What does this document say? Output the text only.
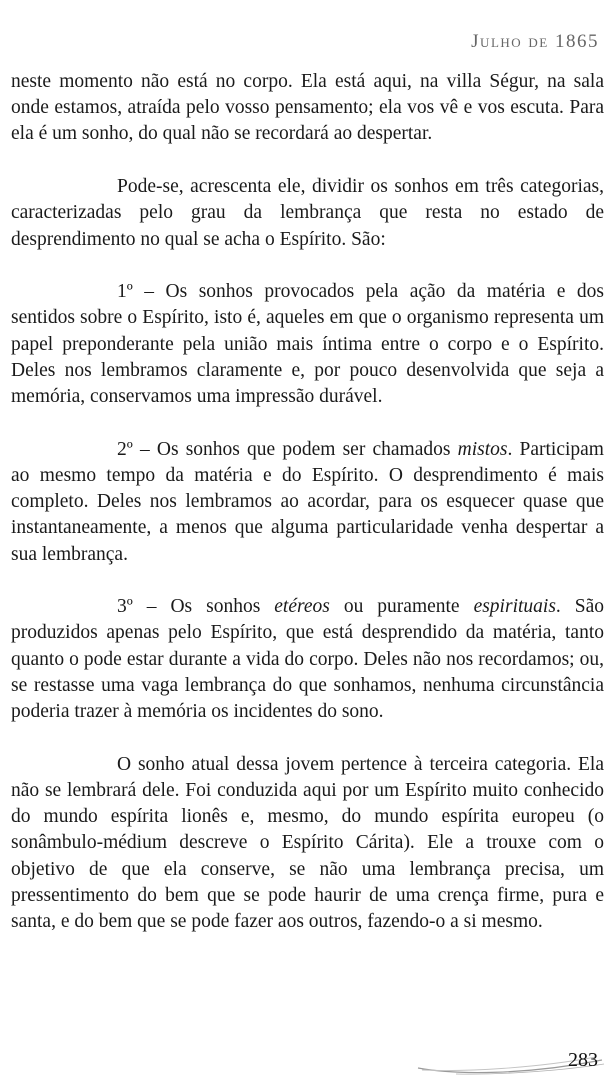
Julho de 1865

neste momento não está no corpo. Ela está aqui, na villa Ségur, na sala onde estamos, atraída pelo vosso pensamento; ela vos vê e vos escuta. Para ela é um sonho, do qual não se recordará ao despertar.

Pode-se, acrescenta ele, dividir os sonhos em três categorias, caracterizadas pelo grau da lembrança que resta no estado de desprendimento no qual se acha o Espírito. São:

1º – Os sonhos provocados pela ação da matéria e dos sentidos sobre o Espírito, isto é, aqueles em que o organismo representa um papel preponderante pela união mais íntima entre o corpo e o Espírito. Deles nos lembramos claramente e, por pouco desenvolvida que seja a memória, conservamos uma impressão durável.

2º – Os sonhos que podem ser chamados mistos. Participam ao mesmo tempo da matéria e do Espírito. O desprendimento é mais completo. Deles nos lembramos ao acordar, para os esquecer quase que instantaneamente, a menos que alguma particularidade venha despertar a sua lembrança.

3º – Os sonhos etéreos ou puramente espirituais. São produzidos apenas pelo Espírito, que está desprendido da matéria, tanto quanto o pode estar durante a vida do corpo. Deles não nos recordamos; ou, se restasse uma vaga lembrança do que sonhamos, nenhuma circunstância poderia trazer à memória os incidentes do sono.

O sonho atual dessa jovem pertence à terceira categoria. Ela não se lembrará dele. Foi conduzida aqui por um Espírito muito conhecido do mundo espírita lionês e, mesmo, do mundo espírita europeu (o sonâmbulo-médium descreve o Espírito Cárita). Ele a trouxe com o objetivo de que ela conserve, se não uma lembrança precisa, um pressentimento do bem que se pode haurir de uma crença firme, pura e santa, e do bem que se pode fazer aos outros, fazendo-o a si mesmo.

283
